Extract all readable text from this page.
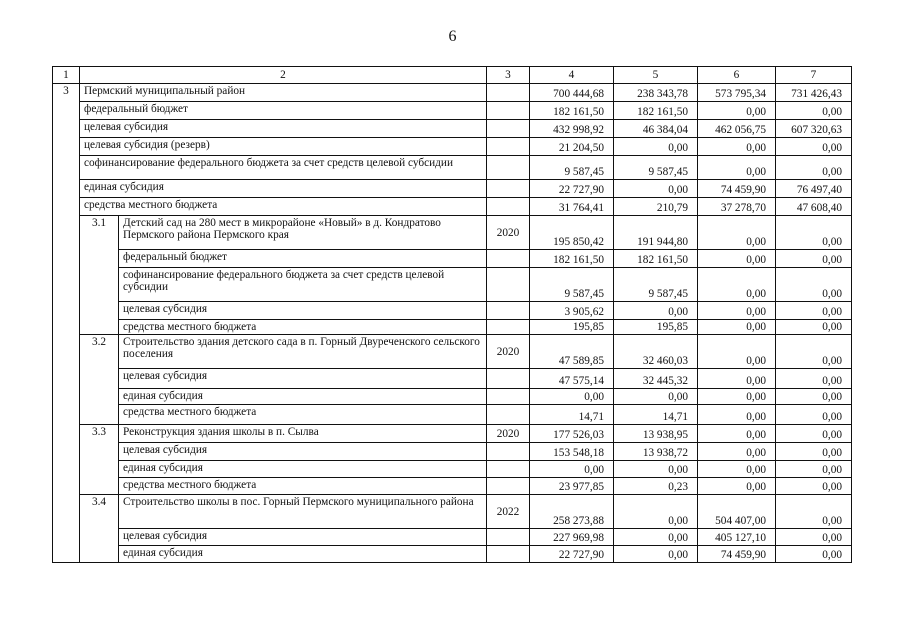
6
1	2		3	4	5	6	7
3	Пермский муниципальный район			700 444,68	238 343,78	573 795,34	731 426,43
	федеральный бюджет			182 161,50	182 161,50	0,00	0,00
	целевая субсидия			432 998,92	46 384,04	462 056,75	607 320,63
	целевая субсидия (резерв)			21 204,50	0,00	0,00	0,00
	софинансирование федерального бюджета за счет средств целевой субсидии			9 587,45	9 587,45	0,00	0,00
	единая субсидия			22 727,90	0,00	74 459,90	76 497,40
	средства местного бюджета			31 764,41	210,79	37 278,70	47 608,40
	3.1	Детский сад на 280 мест в микрорайоне «Новый» в д. Кондратово Пермского района Пермского края	2020	195 850,42	191 944,80	0,00	0,00
		федеральный бюджет		182 161,50	182 161,50	0,00	0,00
		софинансирование федерального бюджета за счет средств целевой субсидии		9 587,45	9 587,45	0,00	0,00
		целевая субсидия		3 905,62	0,00	0,00	0,00
		средства местного бюджета		195,85	195,85	0,00	0,00
	3.2	Строительство здания детского сада в п. Горный Двуреченского сельского поселения	2020	47 589,85	32 460,03	0,00	0,00
		целевая субсидия		47 575,14	32 445,32	0,00	0,00
		единая субсидия		0,00	0,00	0,00	0,00
		средства местного бюджета		14,71	14,71	0,00	0,00
	3.3	Реконструкция здания школы в п. Сылва	2020	177 526,03	13 938,95	0,00	0,00
		целевая субсидия		153 548,18	13 938,72	0,00	0,00
		единая субсидия		0,00	0,00	0,00	0,00
		средства местного бюджета		23 977,85	0,23	0,00	0,00
	3.4	Строительство школы в пос. Горный Пермского муниципального района	2022	258 273,88	0,00	504 407,00	0,00
		целевая субсидия		227 969,98	0,00	405 127,10	0,00
		единая субсидия		22 727,90	0,00	74 459,90	0,00
